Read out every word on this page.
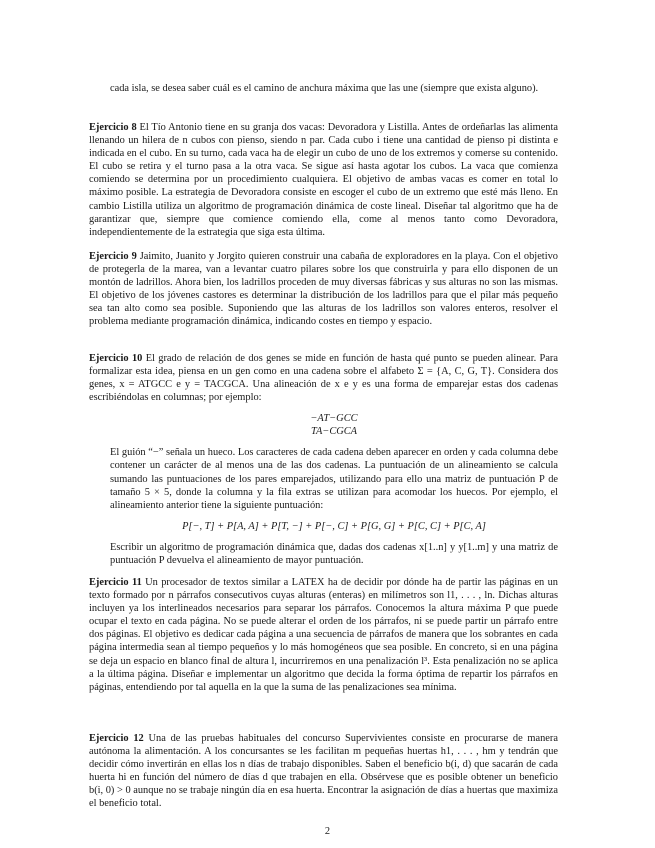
cada isla, se desea saber cuál es el camino de anchura máxima que las une (siempre que exista alguno).
Ejercicio 8 El Tío Antonio tiene en su granja dos vacas: Devoradora y Listilla. Antes de ordeñarlas las alimenta llenando un hilera de n cubos con pienso, siendo n par. Cada cubo i tiene una cantidad de pienso pi distinta e indicada en el cubo. En su turno, cada vaca ha de elegir un cubo de uno de los extremos y comerse su contenido. El cubo se retira y el turno pasa a la otra vaca. Se sigue así hasta agotar los cubos. La vaca que comienza comiendo se determina por un procedimiento cualquiera. El objetivo de ambas vacas es comer en total lo máximo posible. La estrategia de Devoradora consiste en escoger el cubo de un extremo que esté más lleno. En cambio Listilla utiliza un algoritmo de programación dinámica de coste lineal. Diseñar tal algoritmo que ha de garantizar que, siempre que comience comiendo ella, come al menos tanto como Devoradora, independientemente de la estrategia que siga esta última.
Ejercicio 9 Jaimito, Juanito y Jorgito quieren construir una cabaña de exploradores en la playa. Con el objetivo de protegerla de la marea, van a levantar cuatro pilares sobre los que construirla y para ello disponen de un montón de ladrillos. Ahora bien, los ladrillos proceden de muy diversas fábricas y sus alturas no son las mismas. El objetivo de los jóvenes castores es determinar la distribución de los ladrillos para que el pilar más pequeño sea tan alto como sea posible. Suponiendo que las alturas de los ladrillos son valores enteros, resolver el problema mediante programación dinámica, indicando costes en tiempo y espacio.
Ejercicio 10 El grado de relación de dos genes se mide en función de hasta qué punto se pueden alinear. Para formalizar esta idea, piensa en un gen como en una cadena sobre el alfabeto Σ = {A, C, G, T}. Considera dos genes, x = ATGCC e y = TACGCA. Una alineación de x e y es una forma de emparejar estas dos cadenas escribiéndolas en columnas; por ejemplo:
−AT−GCC
TA−CGCA
El guión “−” señala un hueco. Los caracteres de cada cadena deben aparecer en orden y cada columna debe contener un carácter de al menos una de las dos cadenas. La puntuación de un alineamiento se calcula sumando las puntuaciones de los pares emparejados, utilizando para ello una matriz de puntuación P de tamaño 5 × 5, donde la columna y la fila extras se utilizan para acomodar los huecos. Por ejemplo, el alineamiento anterior tiene la siguiente puntuación:
P[−, T] + P[A, A] + P[T, −] + P[−, C] + P[G, G] + P[C, C] + P[C, A]
Escribir un algoritmo de programación dinámica que, dadas dos cadenas x[1..n] y y[1..m] y una matriz de puntuación P devuelva el alineamiento de mayor puntuación.
Ejercicio 11 Un procesador de textos similar a LATEX ha de decidir por dónde ha de partir las páginas en un texto formado por n párrafos consecutivos cuyas alturas (enteras) en milímetros son l1, . . . , ln. Dichas alturas incluyen ya los interlineados necesarios para separar los párrafos. Conocemos la altura máxima P que puede ocupar el texto en cada página. No se puede alterar el orden de los párrafos, ni se puede partir un párrafo entre dos páginas. El objetivo es dedicar cada página a una secuencia de párrafos de manera que los sobrantes en cada página intermedia sean al tiempo pequeños y lo más homogéneos que sea posible. En concreto, si en una página se deja un espacio en blanco final de altura l, incurriremos en una penalización l³. Esta penalización no se aplica a la última página. Diseñar e implementar un algoritmo que decida la forma óptima de repartir los párrafos en páginas, entendiendo por tal aquella en la que la suma de las penalizaciones sea mínima.
Ejercicio 12 Una de las pruebas habituales del concurso Supervivientes consiste en procurarse de manera autónoma la alimentación. A los concursantes se les facilitan m pequeñas huertas h1, . . . , hm y tendrán que decidir cómo invertirán en ellas los n días de trabajo disponibles. Saben el beneficio b(i, d) que sacarán de cada huerta hi en función del número de días d que trabajen en ella. Obsérvese que es posible obtener un beneficio b(i, 0) > 0 aunque no se trabaje ningún día en esa huerta. Encontrar la asignación de días a huertas que maximiza el beneficio total.
2
